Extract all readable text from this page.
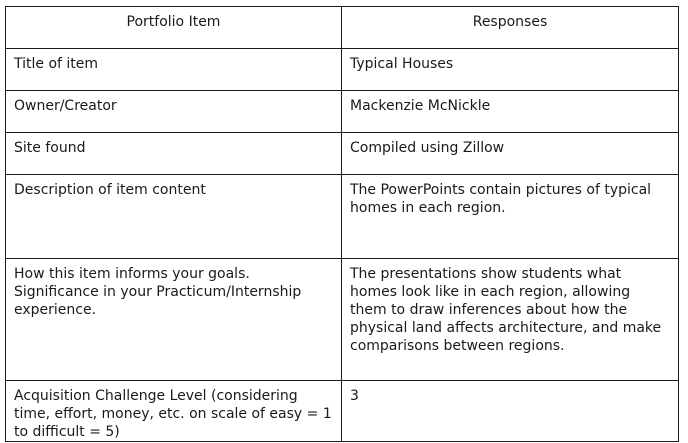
Portfolio Item	Responses
Title of item	Typical Houses
Owner/Creator	Mackenzie McNickle
Site found	Compiled using Zillow
Description of item content	The PowerPoints contain pictures of typical homes in each region.
How this item informs your goals. Significance in your Practicum/Internship experience.	The presentations show students what homes look like in each region, allowing them to draw inferences about how the physical land affects architecture, and make comparisons between regions.
Acquisition Challenge Level (considering time, effort, money, etc. on scale of easy = 1 to difficult = 5)	3
